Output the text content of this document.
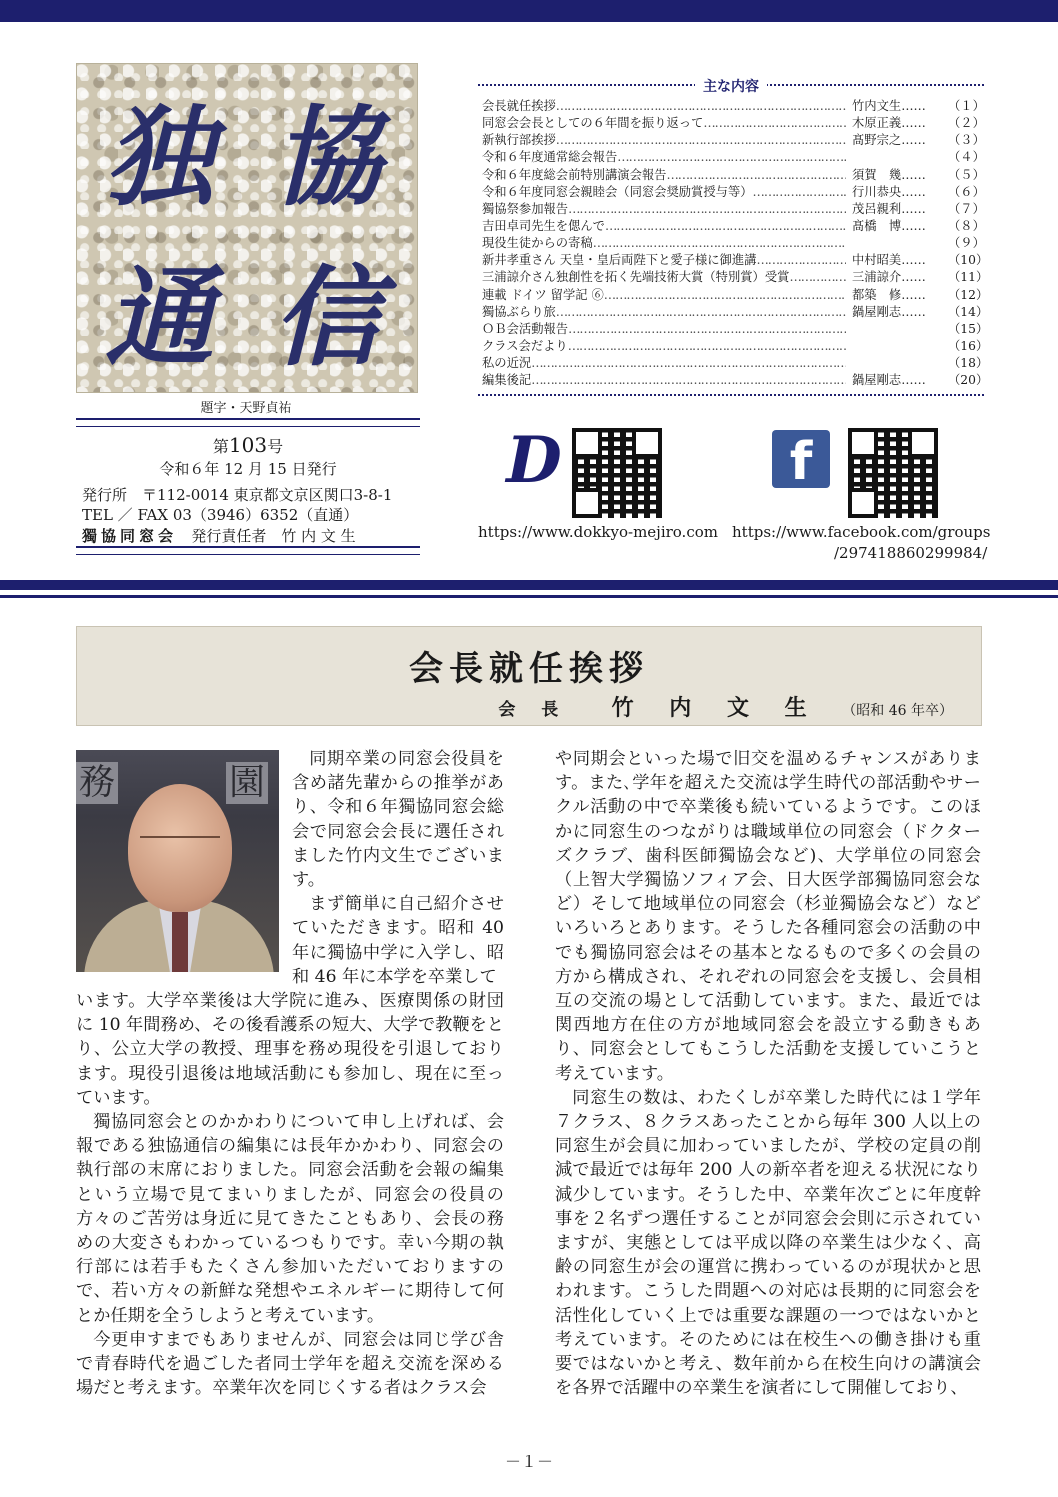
独 協
通 信
題字・天野貞祐
第103号
令和６年 12 月 15 日発行
発行所　〒112-0014 東京都文京区関口3-8-1
TEL ／ FAX 03（3946）6352（直通）
獨協同窓会 発行責任者　竹 内 文 生
主な内容
会長就任挨拶 …………………………………………………………………………………………………………	竹内文生……	（１）
同窓会会長としての６年間を振り返って …………………………………………………………………………………………………………	木原正義……	（２）
新執行部挨拶 …………………………………………………………………………………………………………	髙野宗之……	（３）
令和６年度通常総会報告 …………………………………………………………………………………………………………	（４）
令和６年度総会前特別講演会報告 …………………………………………………………………………………………………………	須賀　幾……	（５）
令和６年度同窓会親睦会（同窓会奨励賞授与等） …………………………………………………………………………………………………………	行川恭央……	（６）
獨協祭参加報告 …………………………………………………………………………………………………………	茂呂親利……	（７）
吉田卓司先生を偲んで …………………………………………………………………………………………………………	髙橋　博……	（８）
現役生徒からの寄稿 …………………………………………………………………………………………………………	（９）
新井孝重さん 天皇・皇后両陛下と愛子様に御進講 …………………………………………………………………………………………………………	中村昭美……	（10）
三浦諒介さん独創性を拓く先端技術大賞（特別賞）受賞 …………………………………………………………………………………………………………	三浦諒介……	（11）
連載 ドイツ 留学記 ⑥ …………………………………………………………………………………………………………	都築　修……	（12）
獨協ぶらり旅 …………………………………………………………………………………………………………	鍋屋剛志……	（14）
ＯＢ会活動報告 …………………………………………………………………………………………………………	（15）
クラス会だより …………………………………………………………………………………………………………	（16）
私の近況 …………………………………………………………………………………………………………	（18）
編集後記 …………………………………………………………………………………………………………	鍋屋剛志……	（20）
D	f
https://www.dokkyo-mejiro.com https://www.facebook.com/groups
/297418860299984/
会長就任挨拶
会 長 竹 内 文 生 （昭和 46 年卒）
務	園

同期卒業の同窓会役員を含め諸先輩からの推挙があり、令和６年獨協同窓会総会で同窓会会長に選任されました竹内文生でございます。

まず簡単に自己紹介させていただきます。昭和 40 年に獨協中学に入学し、昭和 46 年に本学を卒業して

います。大学卒業後は大学院に進み、医療関係の財団に 10 年間務め、その後看護系の短大、大学で教鞭をとり、公立大学の教授、理事を務め現役を引退しております。現役引退後は地域活動にも参加し、現在に至っています。

獨協同窓会とのかかわりについて申し上げれば、会報である独協通信の編集には長年かかわり、同窓会の執行部の末席におりました。同窓会活動を会報の編集という立場で見てまいりましたが、同窓会の役員の方々のご苦労は身近に見てきたこともあり、会長の務めの大変さもわかっているつもりです。幸い今期の執行部には若手もたくさん参加いただいておりますので、若い方々の新鮮な発想やエネルギーに期待して何とか任期を全うしようと考えています。

今更申すまでもありませんが、同窓会は同じ学び舎で青春時代を過ごした者同士学年を超え交流を深める場だと考えます。卒業年次を同じくする者はクラス会

や同期会といった場で旧交を温めるチャンスがあります。また､学年を超えた交流は学生時代の部活動やサークル活動の中で卒業後も続いているようです。このほかに同窓生のつながりは職域単位の同窓会（ドクターズクラブ、歯科医師獨協会など)、大学単位の同窓会（上智大学獨協ソフィア会、日大医学部獨協同窓会など）そして地域単位の同窓会（杉並獨協会など）などいろいろとあります。そうした各種同窓会の活動の中でも獨協同窓会はその基本となるもので多くの会員の方から構成され、それぞれの同窓会を支援し、会員相互の交流の場として活動しています。また、最近では関西地方在住の方が地域同窓会を設立する動きもあり、同窓会としてもこうした活動を支援していこうと考えています。

同窓生の数は、わたくしが卒業した時代には１学年７クラス、８クラスあったことから毎年 300 人以上の同窓生が会員に加わっていましたが、学校の定員の削減で最近では毎年 200 人の新卒者を迎える状況になり減少しています。そうした中、卒業年次ごとに年度幹事を２名ずつ選任することが同窓会会則に示されていますが、実態としては平成以降の卒業生は少なく、高齢の同窓生が会の運営に携わっているのが現状かと思われます。こうした問題への対応は長期的に同窓会を活性化していく上では重要な課題の一つではないかと考えています。そのためには在校生への働き掛けも重要ではないかと考え、数年前から在校生向けの講演会を各界で活躍中の卒業生を演者にして開催しており、

－１－
